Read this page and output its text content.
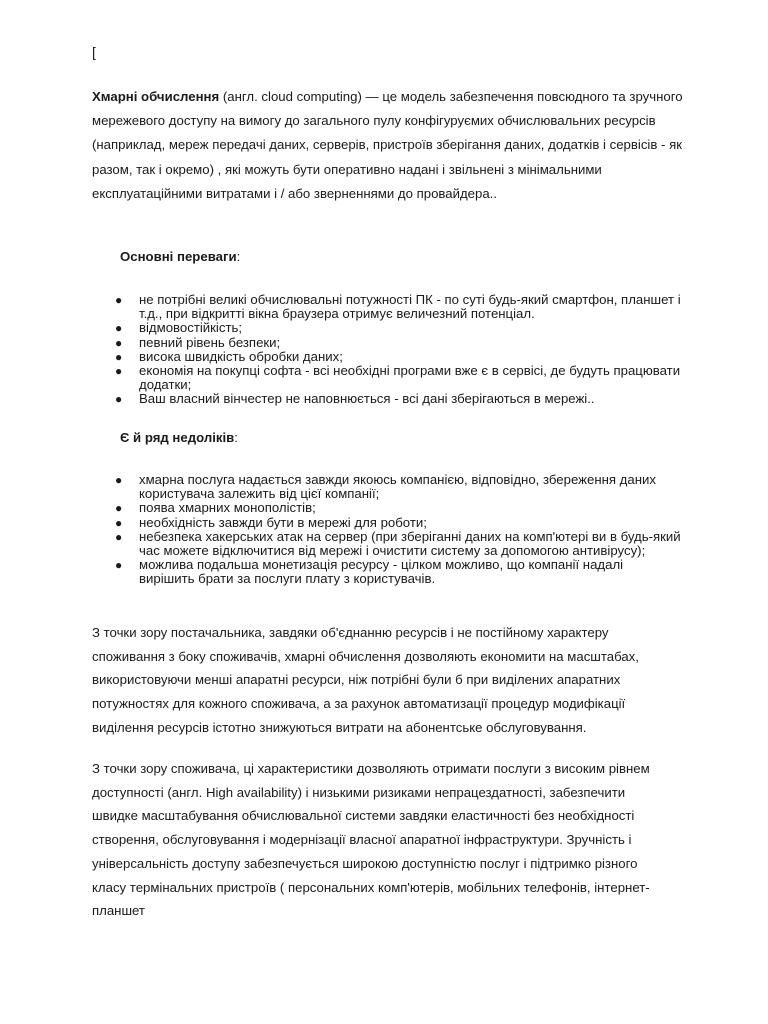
[

Хмарні обчислення (англ. cloud computing) — це модель забезпечення повсюдного та зручного мережевого доступу на вимогу до загального пулу конфігуруємих обчислювальних ресурсів (наприклад, мереж передачі даних, серверів, пристроїв зберігання даних, додатків і сервісів - як разом, так і окремо) , які можуть бути оперативно надані і звільнені з мінімальними експлуатаційними витратами і / або зверненнями до провайдера..

Основні переваги:

● не потрібні великі обчислювальні потужності ПК - по суті будь-який смартфон, планшет і т.д., при відкритті вікна браузера отримує величезний потенціал.
● відмовостійкість;
● певний рівень безпеки;
● висока швидкість обробки даних;
● економія на покупці софта - всі необхідні програми вже є в сервісі, де будуть працювати додатки;
● Ваш власний вінчестер не наповнюється - всі дані зберігаються в мережі..

Є й ряд недоліків:

● хмарна послуга надається завжди якоюсь компанією, відповідно, збереження даних користувача залежить від цієї компанії;
● поява хмарних монополістів;
● необхідність завжди бути в мережі для роботи;
● небезпека хакерських атак на сервер (при зберіганні даних на комп'ютері ви в будь-який час можете відключитися від мережі і очистити систему за допомогою антивірусу);
● можлива подальша монетизація ресурсу - цілком можливо, що компанії надалі вирішить брати за послуги плату з користувачів.

З точки зору постачальника, завдяки об'єднанню ресурсів і не постійному характеру споживання з боку споживачів, хмарні обчислення дозволяють економити на масштабах, використовуючи менші апаратні ресурси, ніж потрібні були б при виділених апаратних потужностях для кожного споживача, а за рахунок автоматизації процедур модифікації виділення ресурсів істотно знижуються витрати на абонентське обслуговування.

З точки зору споживача, ці характеристики дозволяють отримати послуги з високим рівнем доступності (англ. High availability) і низькими ризиками непрацездатності, забезпечити швидке масштабування обчислювальної системи завдяки еластичності без необхідності створення, обслуговування і модернізації власної апаратної інфраструктури. Зручність і універсальність доступу забезпечується широкою доступністю послуг і підтримко різного класу термінальних пристроїв ( персональних комп'ютерів, мобільних телефонів, інтернет-планшет
